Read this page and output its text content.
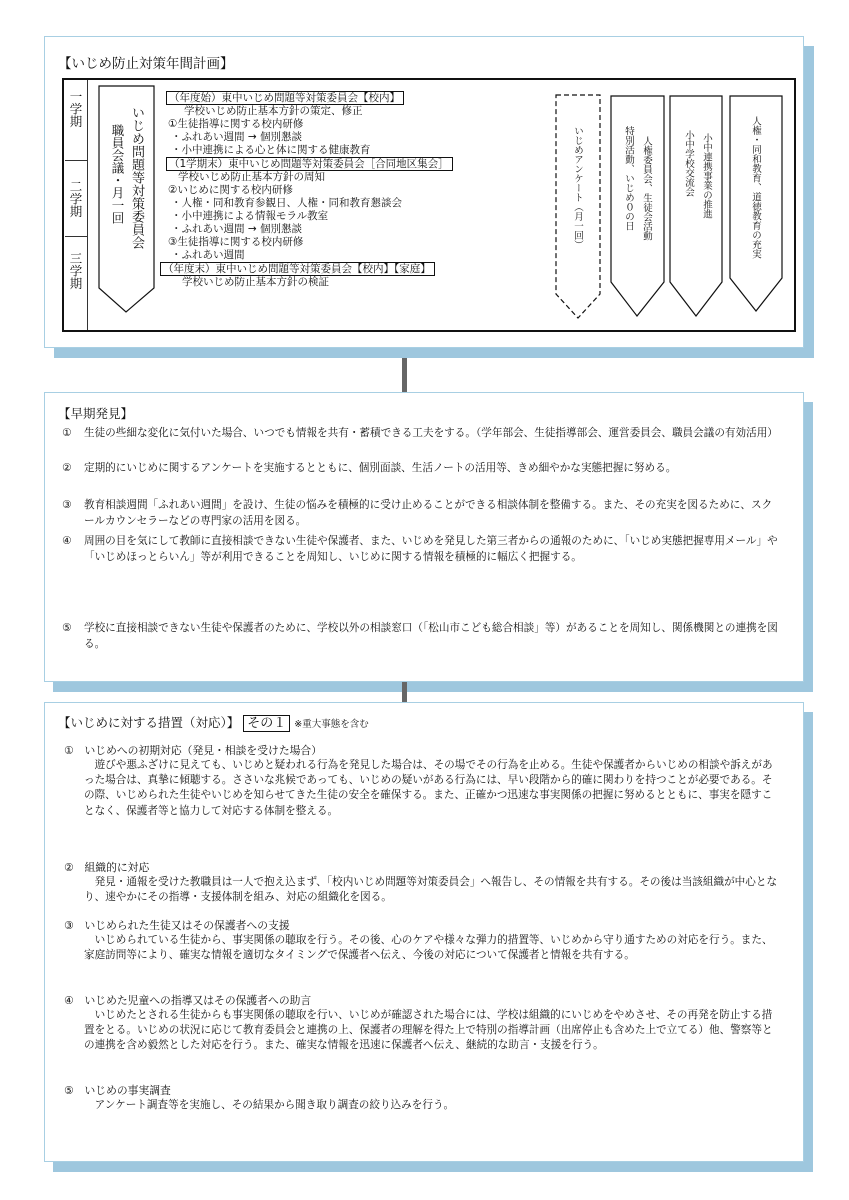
【いじめ防止対策年間計画】
一学期
二学期
三学期
いじめ問題等対策委員会
職員会議・月一回
（年度始）東中いじめ問題等対策委員会【校内】
学校いじめ防止基本方針の策定、修正
①生徒指導に関する校内研修
・ふれあい週間 → 個別懇談
・小中連携による心と体に関する健康教育
（1学期末）東中いじめ問題等対策委員会［合同地区集会］
学校いじめ防止基本方針の周知
②いじめに関する校内研修
・人権・同和教育参観日、人権・同和教育懇談会
・小中連携による情報モラル教室
・ふれあい週間 → 個別懇談
③生徒指導に関する校内研修
・ふれあい週間
（年度末）東中いじめ問題等対策委員会【校内】【家庭】
学校いじめ防止基本方針の検証
いじめアンケート（月一回）	人権委員会、生徒会活動
特別活動、いじめ０の日	小中連携事業の推進
小中学校交流会	人権・同和教育、道徳教育の充実
【早期発見】
①	生徒の些細な変化に気付いた場合、いつでも情報を共有・蓄積できる工夫をする。（学年部会、生徒指導部会、運営委員会、職員会議の有効活用）
②	定期的にいじめに関するアンケートを実施するとともに、個別面談、生活ノートの活用等、きめ細やかな実態把握に努める。
③	教育相談週間「ふれあい週間」を設け、生徒の悩みを積極的に受け止めることができる相談体制を整備する。また、その充実を図るために、スクールカウンセラーなどの専門家の活用を図る。
④	周囲の目を気にして教師に直接相談できない生徒や保護者、また、いじめを発見した第三者からの通報のために、「いじめ実態把握専用メール」や「いじめほっとらいん」等が利用できることを周知し、いじめに関する情報を積極的に幅広く把握する。
⑤	学校に直接相談できない生徒や保護者のために、学校以外の相談窓口（「松山市こども総合相談」等）があることを周知し、関係機関との連携を図る。
【いじめに対する措置（対応）】 その１ ※重大事態を含む
①　 いじめへの初期対応（発見・相談を受けた場合）
遊びや悪ふざけに見えても、いじめと疑われる行為を発見した場合は、その場でその行為を止める。生徒や保護者からいじめの相談や訴えがあった場合は、真摯に傾聴する。ささいな兆候であっても、いじめの疑いがある行為には、早い段階から的確に関わりを持つことが必要である。その際、いじめられた生徒やいじめを知らせてきた生徒の安全を確保する。また、正確かつ迅速な事実関係の把握に努めるとともに、事実を隠すことなく、保護者等と協力して対応する体制を整える。
②　 組織的に対応
発見・通報を受けた教職員は一人で抱え込まず、「校内いじめ問題等対策委員会」へ報告し、その情報を共有する。その後は当該組織が中心となり、速やかにその指導・支援体制を組み、対応の組織化を図る。
③　 いじめられた生徒又はその保護者への支援
いじめられている生徒から、事実関係の聴取を行う。その後、心のケアや様々な弾力的措置等、いじめから守り通すための対応を行う。また、家庭訪問等により、確実な情報を適切なタイミングで保護者へ伝え、今後の対応について保護者と情報を共有する。
④　 いじめた児童への指導又はその保護者への助言
いじめたとされる生徒からも事実関係の聴取を行い、いじめが確認された場合には、学校は組織的にいじめをやめさせ、その再発を防止する措置をとる。いじめの状況に応じて教育委員会と連携の上、保護者の理解を得た上で特別の指導計画（出席停止も含めた上で立てる）他、警察等との連携を含め毅然とした対応を行う。また、確実な情報を迅速に保護者へ伝え、継続的な助言・支援を行う。
⑤　 いじめの事実調査
アンケート調査等を実施し、その結果から聞き取り調査の絞り込みを行う。
